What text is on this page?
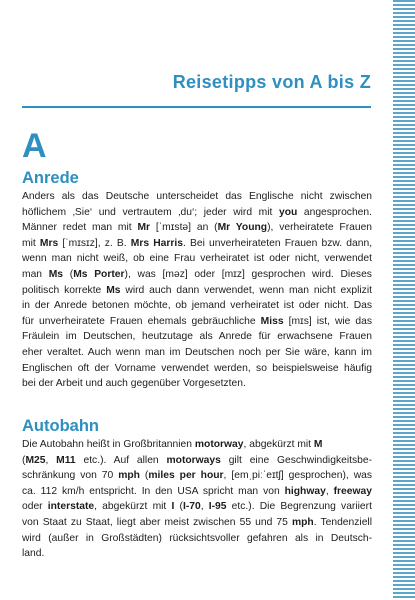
Reisetipps von A bis Z
A
Anrede
Anders als das Deutsche unterscheidet das Englische nicht zwischen
höflichem ‚Sie‘ und vertrautem ‚du‘; jeder wird mit you angesprochen.
Männer redet man mit Mr [ˈmɪstə] an (Mr Young), verheiratete Frauen
mit Mrs [ˈmɪsɪz], z. B. Mrs Harris. Bei unverheirateten Frauen bzw. dann,
wenn man nicht weiß, ob eine Frau verheiratet ist oder nicht, verwendet
man Ms (Ms Porter), was [məz] oder [mɪz] gesprochen wird. Dieses
politisch korrekte Ms wird auch dann verwendet, wenn man nicht explizit
in der Anrede betonen möchte, ob jemand verheiratet ist oder nicht. Das
für unverheiratete Frauen ehemals gebräuchliche Miss [mɪs] ist, wie das
Fräulein im Deutschen, heutzutage als Anrede für erwachsene Frauen
eher veraltet. Auch wenn man im Deutschen noch per Sie wäre, kann im
Englischen oft der Vorname verwendet werden, so beispielsweise häufig
bei der Arbeit und auch gegenüber Vorgesetzten.
Autobahn
Die Autobahn heißt in Großbritannien motorway, abgekürzt mit M
(M25, M11 etc.). Auf allen motorways gilt eine Geschwindigkeitsbe-
schränkung von 70 mph (miles per hour, [emˌpiːˈeɪtʃ] gesprochen), was
ca. 112 km/h entspricht. In den USA spricht man von highway, freeway
oder interstate, abgekürzt mit I (I-70, I-95 etc.). Die Begrenzung variiert
von Staat zu Staat, liegt aber meist zwischen 55 und 75 mph. Tendenziell
wird (außer in Großstädten) rücksichtsvoller gefahren als in Deutsch-
land.
